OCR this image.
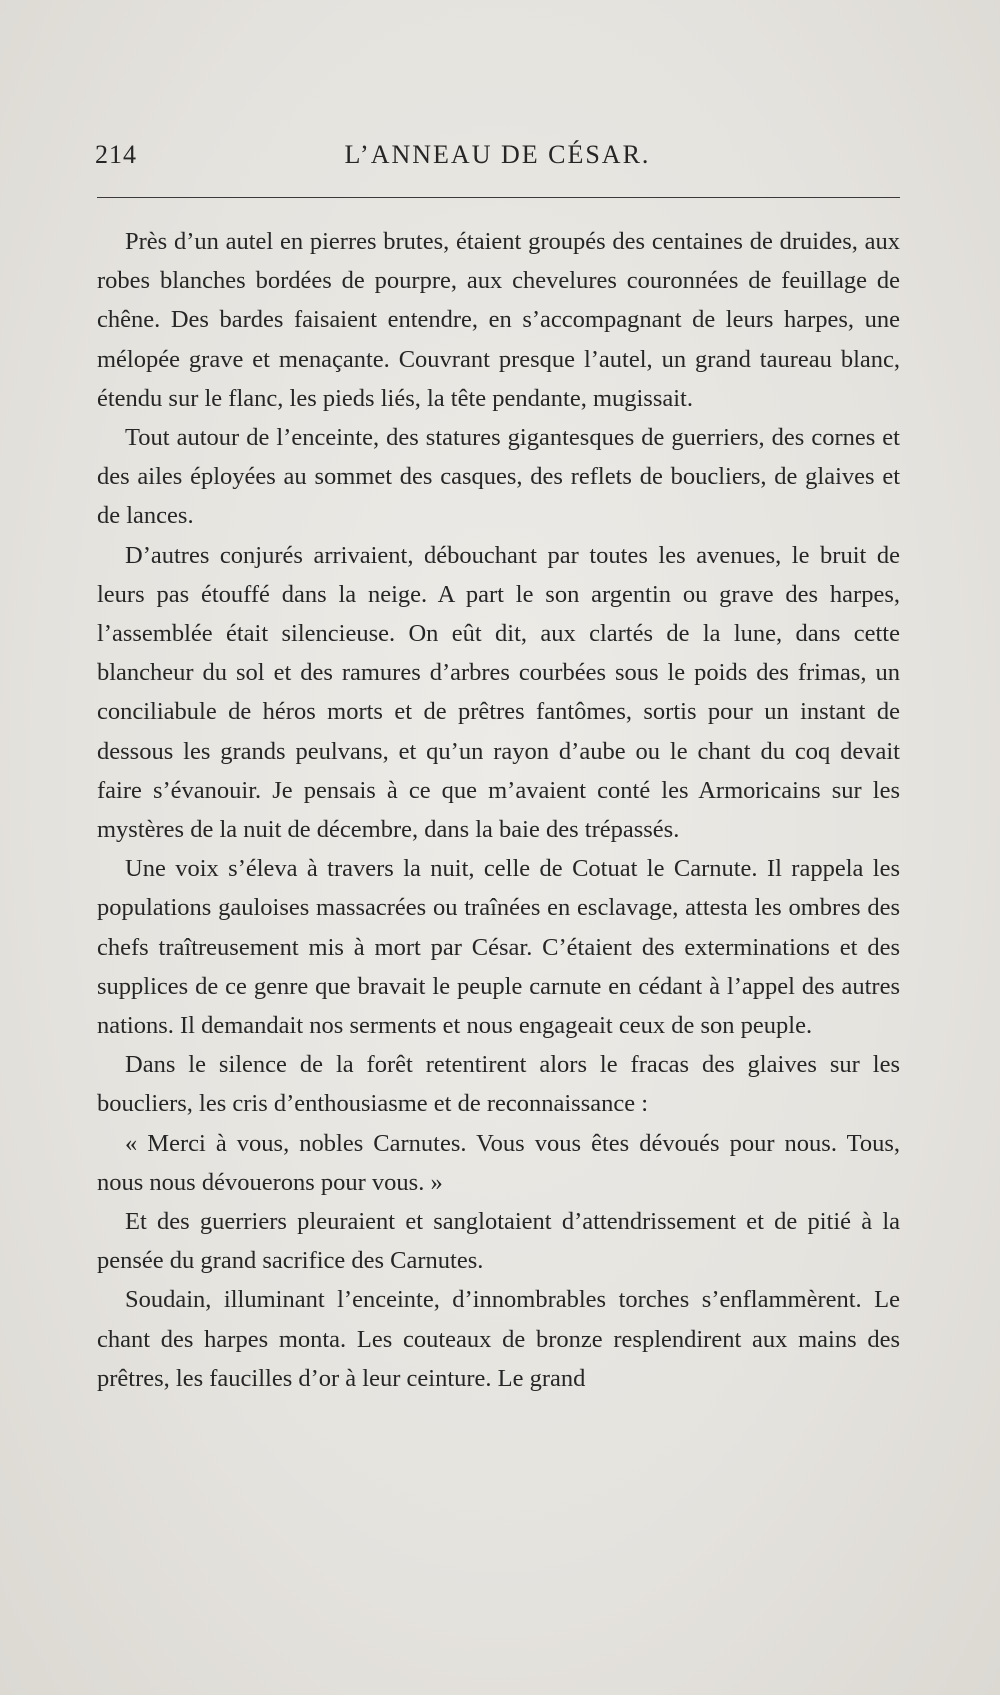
214	L’ANNEAU DE CÉSAR.

Près d’un autel en pierres brutes, étaient groupés des centaines de druides, aux robes blanches bordées de pourpre, aux chevelures couronnées de feuillage de chêne. Des bardes faisaient entendre, en s’accompagnant de leurs harpes, une mélopée grave et menaçante. Couvrant presque l’autel, un grand taureau blanc, étendu sur le flanc, les pieds liés, la tête pendante, mugissait.

Tout autour de l’enceinte, des statures gigantesques de guerriers, des cornes et des ailes éployées au sommet des casques, des reflets de boucliers, de glaives et de lances.

D’autres conjurés arrivaient, débouchant par toutes les avenues, le bruit de leurs pas étouffé dans la neige. A part le son argentin ou grave des harpes, l’assemblée était silencieuse. On eût dit, aux clartés de la lune, dans cette blancheur du sol et des ramures d’arbres courbées sous le poids des frimas, un conciliabule de héros morts et de prêtres fantômes, sortis pour un instant de dessous les grands peulvans, et qu’un rayon d’aube ou le chant du coq devait faire s’évanouir. Je pensais à ce que m’avaient conté les Armoricains sur les mystères de la nuit de décembre, dans la baie des trépassés.

Une voix s’éleva à travers la nuit, celle de Cotuat le Carnute. Il rappela les populations gauloises massacrées ou traînées en esclavage, attesta les ombres des chefs traîtreusement mis à mort par César. C’étaient des exterminations et des supplices de ce genre que bravait le peuple carnute en cédant à l’appel des autres nations. Il demandait nos serments et nous engageait ceux de son peuple.

Dans le silence de la forêt retentirent alors le fracas des glaives sur les boucliers, les cris d’enthousiasme et de reconnaissance :

« Merci à vous, nobles Carnutes. Vous vous êtes dévoués pour nous. Tous, nous nous dévouerons pour vous. »

Et des guerriers pleuraient et sanglotaient d’attendrissement et de pitié à la pensée du grand sacrifice des Carnutes.

Soudain, illuminant l’enceinte, d’innombrables torches s’enflammèrent. Le chant des harpes monta. Les couteaux de bronze resplendirent aux mains des prêtres, les faucilles d’or à leur ceinture. Le grand
